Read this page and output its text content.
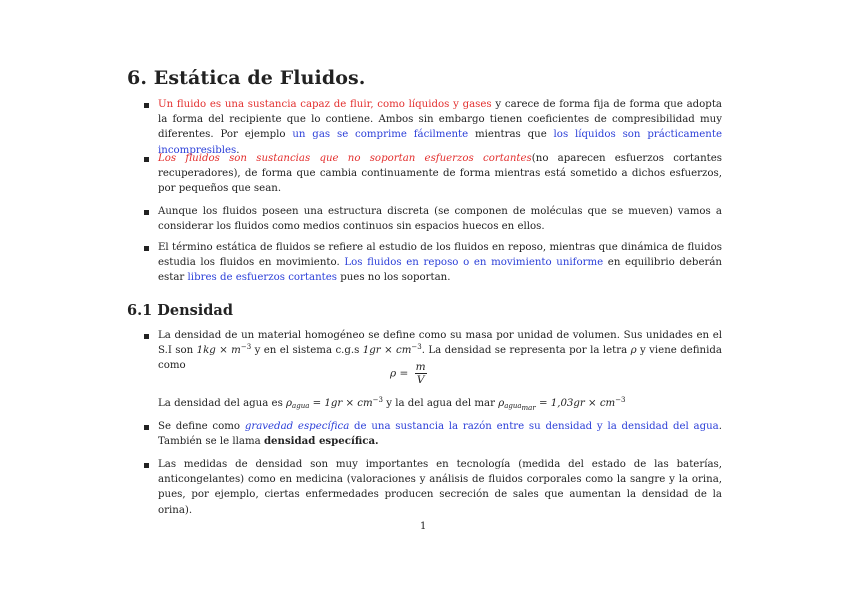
6. Estática de Fluidos.
Un fluido es una sustancia capaz de fluir, como líquidos y gases y carece de forma fija de forma que adopta la forma del recipiente que lo contiene. Ambos sin embargo tienen coeficientes de compresibilidad muy diferentes. Por ejemplo un gas se comprime fácilmente mientras que los líquidos son prácticamente incompresibles.
Los fluidos son sustancias que no soportan esfuerzos cortantes(no aparecen esfuerzos cortantes recuperadores), de forma que cambia continuamente de forma mientras está sometido a dichos esfuerzos, por pequeños que sean.
Aunque los fluidos poseen una estructura discreta (se componen de moléculas que se mueven) vamos a considerar los fluidos como medios continuos sin espacios huecos en ellos.
El término estática de fluidos se refiere al estudio de los fluidos en reposo, mientras que dinámica de fluidos estudia los fluidos en movimiento. Los fluidos en reposo o en movimiento uniforme en equilibrio deberán estar libres de esfuerzos cortantes pues no los soportan.
6.1 Densidad
La densidad de un material homogéneo se define como su masa por unidad de volumen. Sus unidades en el S.I son $1kg \times m^{-3}$ y en el sistema c.g.s $1gr \times cm^{-3}$. La densidad se representa por la letra ρ y viene definida como
$\rho = \frac{m}{V}$
La densidad del agua es $\rho_{agua} = 1gr \times cm^{-3}$ y la del agua del mar $\rho_{agua_{mar}} = 1,03gr \times cm^{-3}$
Se define como gravedad específica de una sustancia la razón entre su densidad y la densidad del agua. También se le llama densidad específica.
Las medidas de densidad son muy importantes en tecnología (medida del estado de las baterías, anticongelantes) como en medicina (valoraciones y análisis de fluidos corporales como la sangre y la orina, pues, por ejemplo, ciertas enfermedades producen secreción de sales que aumentan la densidad de la orina).
1
